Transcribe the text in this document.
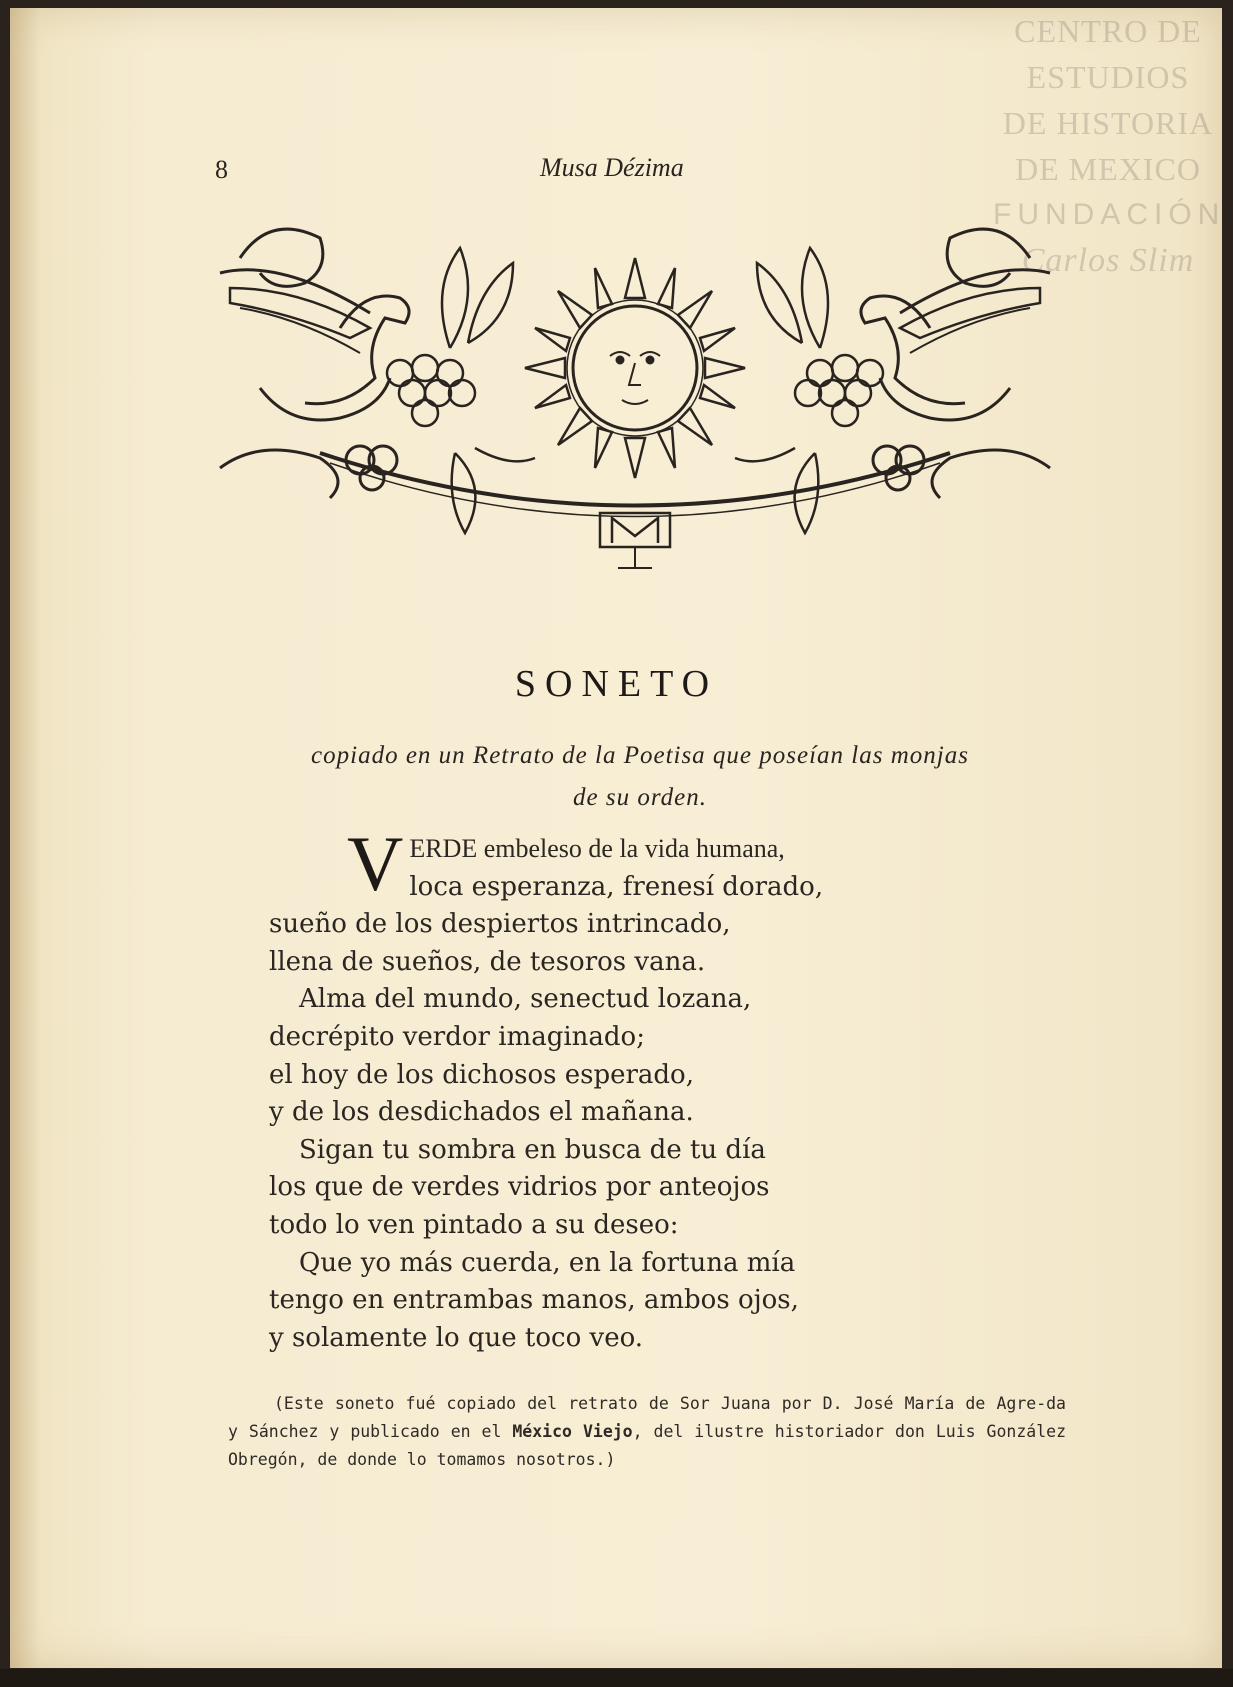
CENTRO DE
ESTUDIOS
DE HISTORIA
DE MEXICO
FUNDACIÓN
Carlos Slim
8	Musa Dézima
SONETO
copiado en un Retrato de la Poetisa que poseían las monjas
de su orden.
V ERDE embeleso de la vida humana,
loca esperanza, frenesí dorado,
sueño de los despiertos intrincado,
llena de sueños, de tesoros vana.
Alma del mundo, senectud lozana,
decrépito verdor imaginado;
el hoy de los dichosos esperado,
y de los desdichados el mañana.
Sigan tu sombra en busca de tu día
los que de verdes vidrios por anteojos
todo lo ven pintado a su deseo:
Que yo más cuerda, en la fortuna mía
tengo en entrambas manos, ambos ojos,
y solamente lo que toco veo.
(Este soneto fué copiado del retrato de Sor Juana por D. José María de Agre-da y Sánchez y publicado en el México Viejo, del ilustre historiador don Luis González Obregón, de donde lo tomamos nosotros.)
